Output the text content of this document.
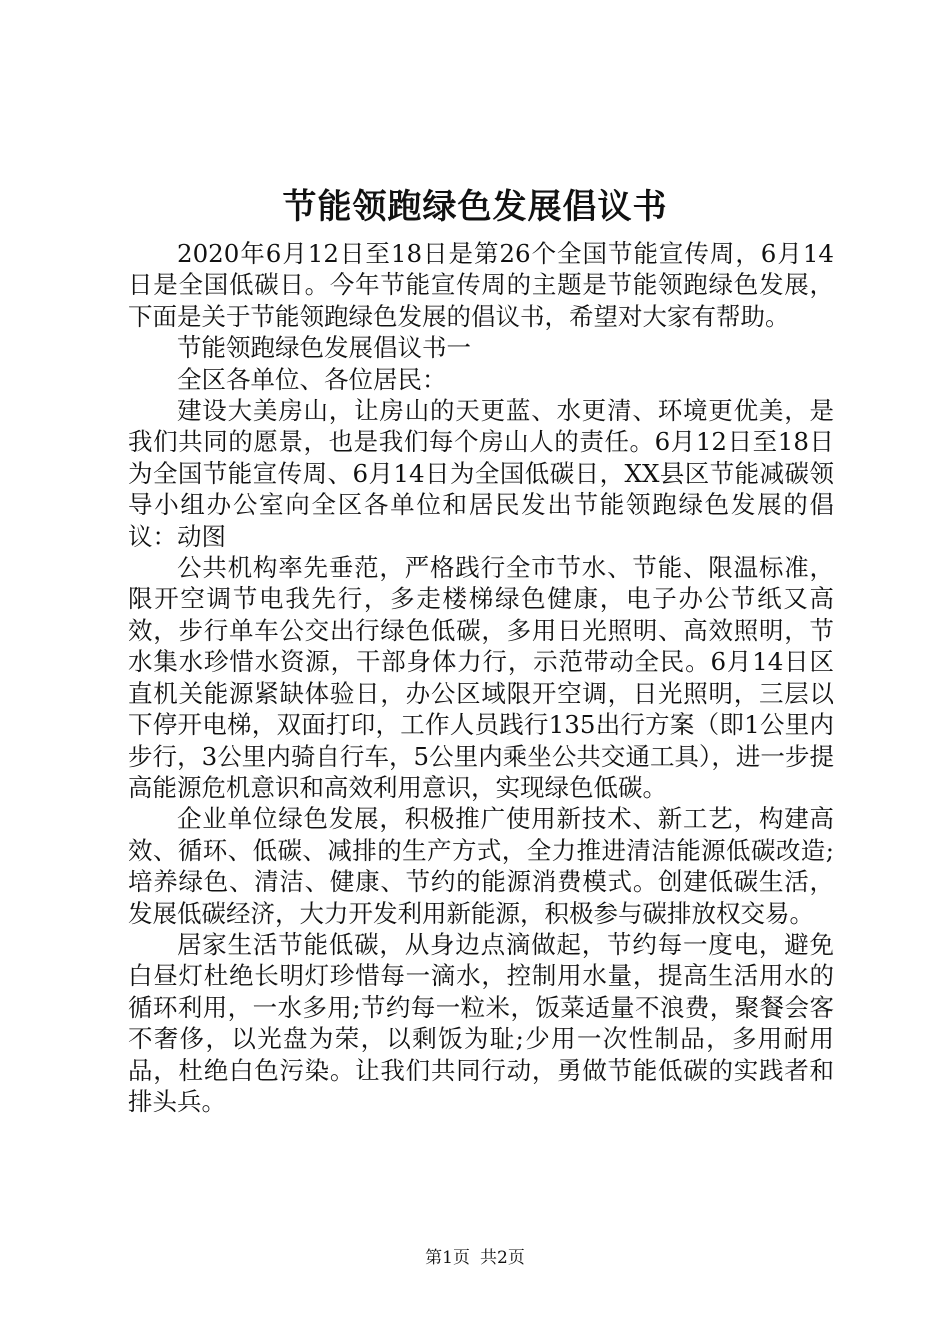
节能领跑绿色发展倡议书

2020年6月12日至18日是第26个全国节能宣传周，6月14日是全国低碳日。今年节能宣传周的主题是节能领跑绿色发展，下面是关于节能领跑绿色发展的倡议书，希望对大家有帮助。

节能领跑绿色发展倡议书一

全区各单位、各位居民：

建设大美房山，让房山的天更蓝、水更清、环境更优美，是我们共同的愿景，也是我们每个房山人的责任。6月12日至18日为全国节能宣传周、6月14日为全国低碳日，XX县区节能减碳领导小组办公室向全区各单位和居民发出节能领跑绿色发展的倡议：动图

公共机构率先垂范，严格践行全市节水、节能、限温标准，限开空调节电我先行，多走楼梯绿色健康，电子办公节纸又高效，步行单车公交出行绿色低碳，多用日光照明、高效照明，节水集水珍惜水资源，干部身体力行，示范带动全民。6月14日区直机关能源紧缺体验日，办公区域限开空调，日光照明，三层以下停开电梯，双面打印，工作人员践行135出行方案（即1公里内步行，3公里内骑自行车，5公里内乘坐公共交通工具），进一步提高能源危机意识和高效利用意识，实现绿色低碳。

企业单位绿色发展，积极推广使用新技术、新工艺，构建高效、循环、低碳、减排的生产方式，全力推进清洁能源低碳改造;培养绿色、清洁、健康、节约的能源消费模式。创建低碳生活，发展低碳经济，大力开发利用新能源，积极参与碳排放权交易。

居家生活节能低碳，从身边点滴做起，节约每一度电，避免白昼灯杜绝长明灯珍惜每一滴水，控制用水量，提高生活用水的循环利用，一水多用;节约每一粒米，饭菜适量不浪费，聚餐会客不奢侈，以光盘为荣，以剩饭为耻;少用一次性制品，多用耐用品，杜绝白色污染。让我们共同行动，勇做节能低碳的实践者和排头兵。

第1页 共2页
